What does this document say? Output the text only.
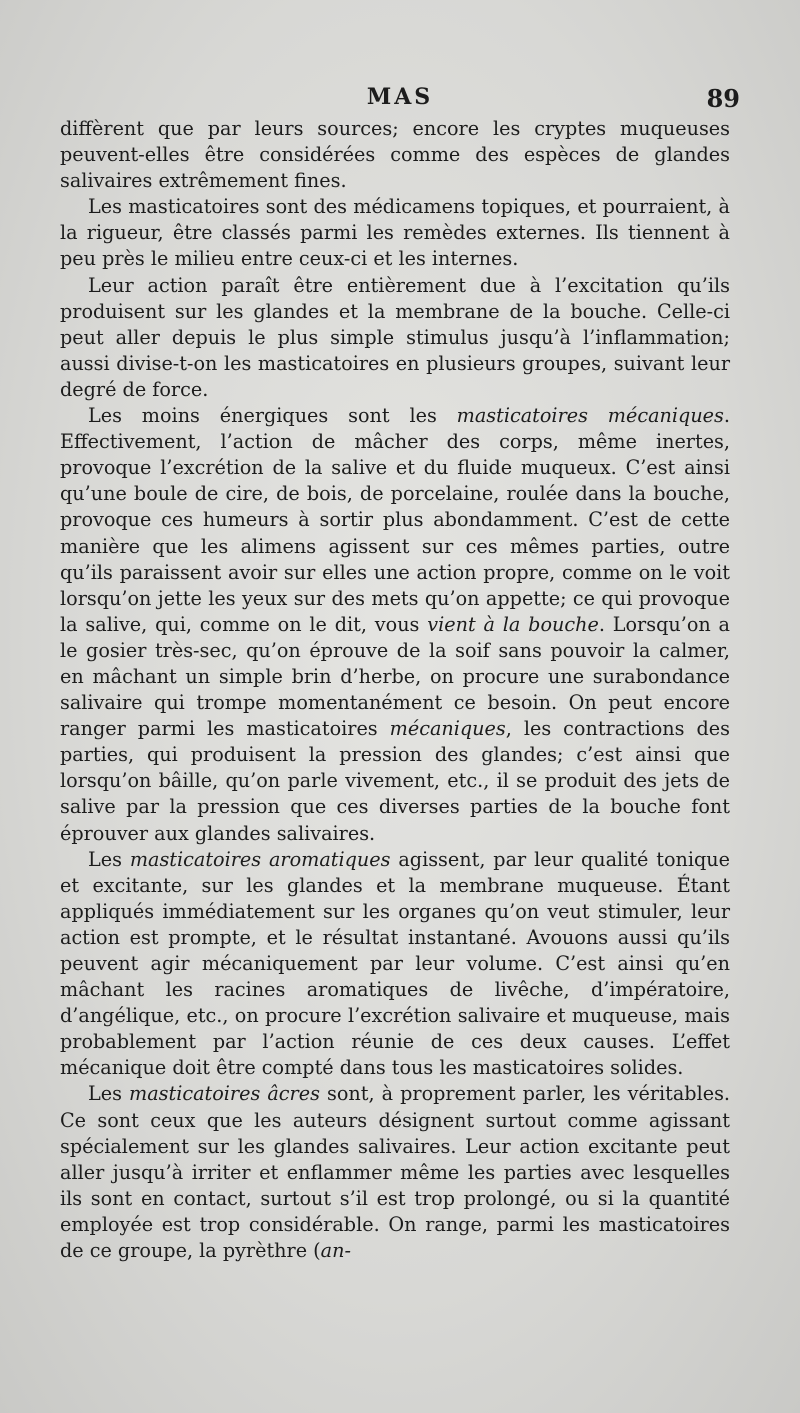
MAS	89

diffèrent que par leurs sources; encore les cryptes muqueuses peuvent-elles être considérées comme des espèces de glandes salivaires extrêmement fines.

Les masticatoires sont des médicamens topiques, et pourraient, à la rigueur, être classés parmi les remèdes externes. Ils tiennent à peu près le milieu entre ceux-ci et les internes.

Leur action paraît être entièrement due à l’excitation qu’ils produisent sur les glandes et la membrane de la bouche. Celle-ci peut aller depuis le plus simple stimulus jusqu’à l’inflammation; aussi divise-t-on les masticatoires en plusieurs groupes, suivant leur degré de force.

Les moins énergiques sont les masticatoires mécaniques. Effectivement, l’action de mâcher des corps, même inertes, provoque l’excrétion de la salive et du fluide muqueux. C’est ainsi qu’une boule de cire, de bois, de porcelaine, roulée dans la bouche, provoque ces humeurs à sortir plus abondamment. C’est de cette manière que les alimens agissent sur ces mêmes parties, outre qu’ils paraissent avoir sur elles une action propre, comme on le voit lorsqu’on jette les yeux sur des mets qu’on appette; ce qui provoque la salive, qui, comme on le dit, vous vient à la bouche. Lorsqu’on a le gosier très-sec, qu’on éprouve de la soif sans pouvoir la calmer, en mâchant un simple brin d’herbe, on procure une surabondance salivaire qui trompe momentanément ce besoin. On peut encore ranger parmi les masticatoires mécaniques, les contractions des parties, qui produisent la pression des glandes; c’est ainsi que lorsqu’on bâille, qu’on parle vivement, etc., il se produit des jets de salive par la pression que ces diverses parties de la bouche font éprouver aux glandes salivaires.

Les masticatoires aromatiques agissent, par leur qualité tonique et excitante, sur les glandes et la membrane muqueuse. Étant appliqués immédiatement sur les organes qu’on veut stimuler, leur action est prompte, et le résultat instantané. Avouons aussi qu’ils peuvent agir mécaniquement par leur volume. C’est ainsi qu’en mâchant les racines aromatiques de livêche, d’impératoire, d’angélique, etc., on procure l’excrétion salivaire et muqueuse, mais probablement par l’action réunie de ces deux causes. L’effet mécanique doit être compté dans tous les masticatoires solides.

Les masticatoires âcres sont, à proprement parler, les véritables. Ce sont ceux que les auteurs désignent surtout comme agissant spécialement sur les glandes salivaires. Leur action excitante peut aller jusqu’à irriter et enflammer même les parties avec lesquelles ils sont en contact, surtout s’il est trop prolongé, ou si la quantité employée est trop considérable. On range, parmi les masticatoires de ce groupe, la pyrèthre (an-
